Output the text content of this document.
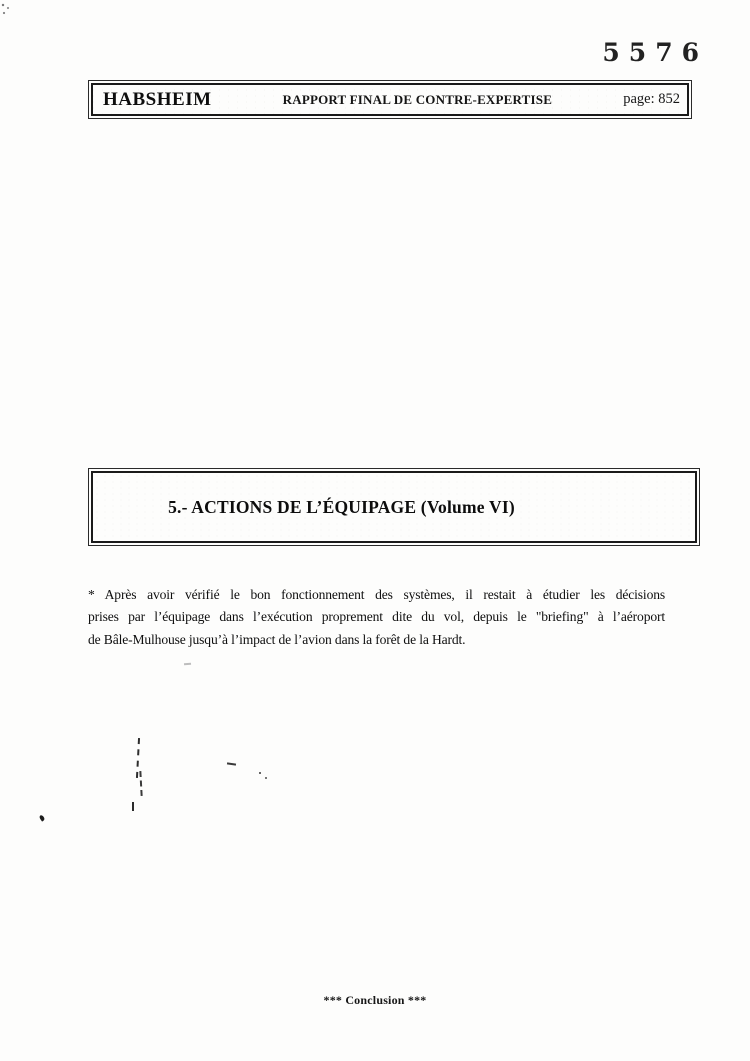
5576
HABSHEIM	RAPPORT FINAL DE CONTRE-EXPERTISE	page: 852
5.- ACTIONS DE L’ÉQUIPAGE (Volume VI)
* Après avoir vérifié le bon fonctionnement des systèmes, il restait à étudier les décisions
prises par l’équipage dans l’exécution proprement dite du vol, depuis le "briefing" à l’aéroport
de Bâle-Mulhouse jusqu’à l’impact de l’avion dans la forêt de la Hardt.
*** Conclusion ***
